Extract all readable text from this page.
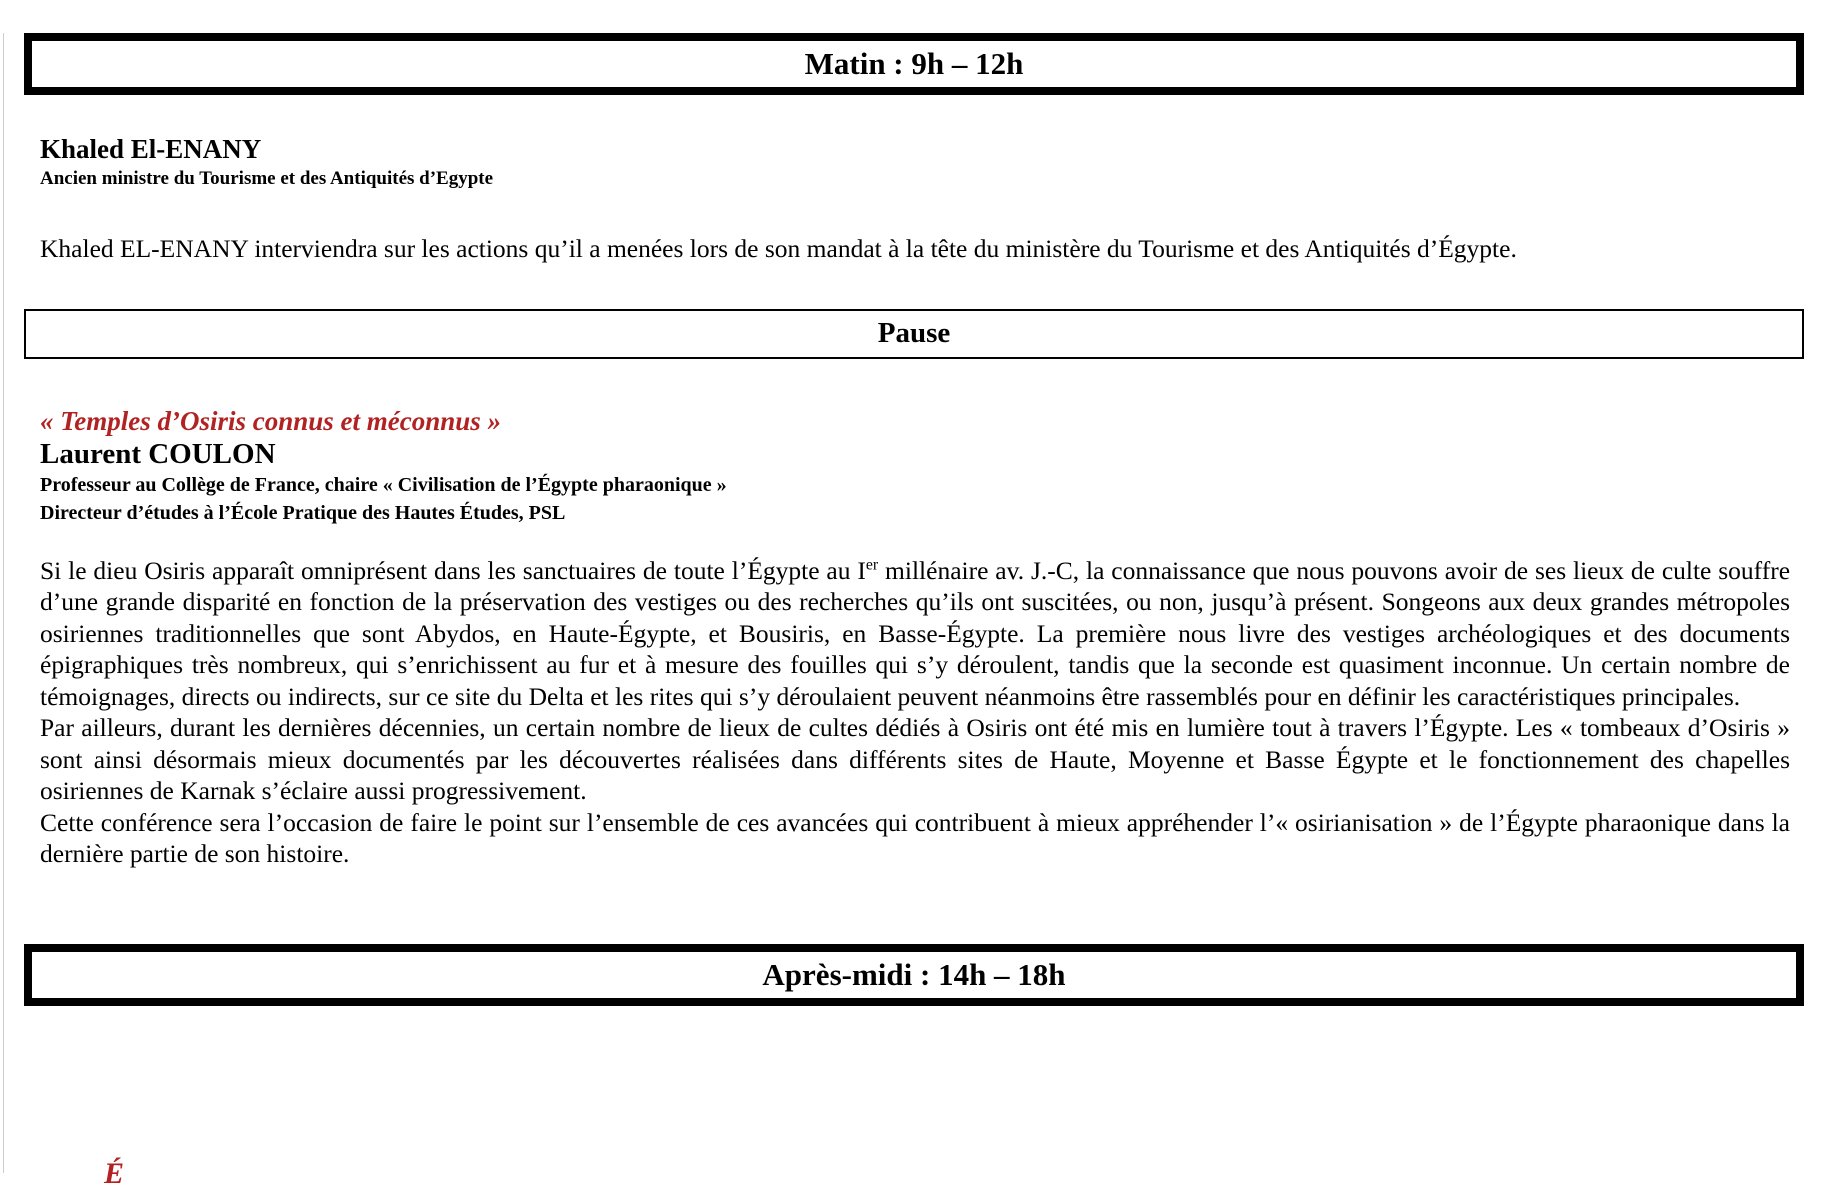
Matin : 9h – 12h
Khaled El-ENANY
Ancien ministre du Tourisme et des Antiquités d’Egypte

Khaled EL-ENANY interviendra sur les actions qu’il a menées lors de son mandat à la tête du ministère du Tourisme et des Antiquités d’Égypte.

Pause
« Temples d’Osiris connus et méconnus »
Laurent COULON
Professeur au Collège de France, chaire « Civilisation de l’Égypte pharaonique »
Directeur d’études à l’École Pratique des Hautes Études, PSL

Si le dieu Osiris apparaît omniprésent dans les sanctuaires de toute l’Égypte au Ier millénaire av. J.-C, la connaissance que nous pouvons avoir de ses lieux de culte souffre d’une grande disparité en fonction de la préservation des vestiges ou des recherches qu’ils ont suscitées, ou non, jusqu’à présent. Songeons aux deux grandes métropoles osiriennes traditionnelles que sont Abydos, en Haute-Égypte, et Bousiris, en Basse-Égypte. La première nous livre des vestiges archéologiques et des documents épigraphiques très nombreux, qui s’enrichissent au fur et à mesure des fouilles qui s’y déroulent, tandis que la seconde est quasiment inconnue. Un certain nombre de témoignages, directs ou indirects, sur ce site du Delta et les rites qui s’y déroulaient peuvent néanmoins être rassemblés pour en définir les caractéristiques principales.

Par ailleurs, durant les dernières décennies, un certain nombre de lieux de cultes dédiés à Osiris ont été mis en lumière tout à travers l’Égypte. Les « tombeaux d’Osiris » sont ainsi désormais mieux documentés par les découvertes réalisées dans différents sites de Haute, Moyenne et Basse Égypte et le fonctionnement des chapelles osiriennes de Karnak s’éclaire aussi progressivement.

Cette conférence sera l’occasion de faire le point sur l’ensemble de ces avancées qui contribuent à mieux appréhender l’« osirianisation » de l’Égypte pharaonique dans la dernière partie de son histoire.

Après-midi : 14h – 18h
É
